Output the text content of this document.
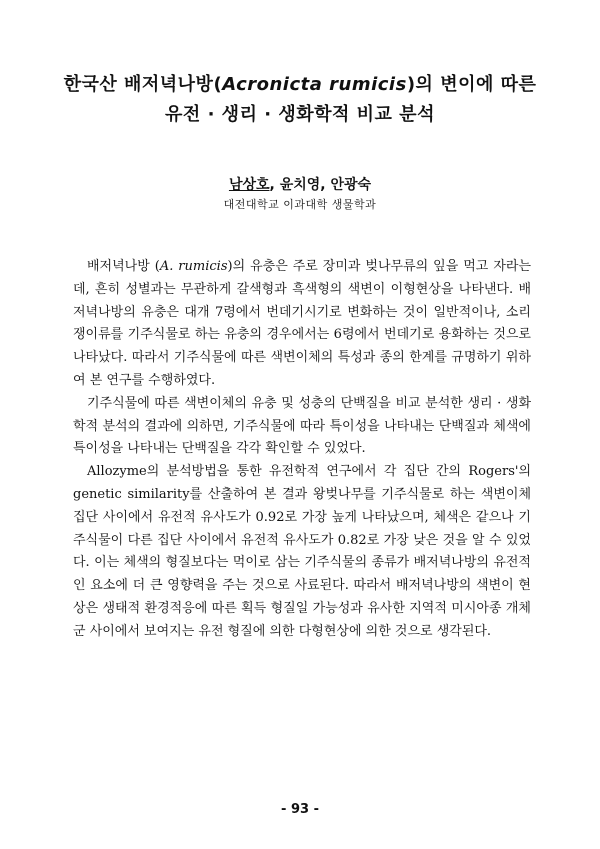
한국산 배저녁나방(Acronicta rumicis)의 변이에 따른
유전 · 생리 · 생화학적 비교 분석
남상호, 윤치영, 안광숙
대전대학교 이과대학 생물학과

배저녁나방 (A. rumicis)의 유충은 주로 장미과 벚나무류의 잎을 먹고 자라는데, 흔히 성별과는 무관하게 갈색형과 흑색형의 색변이 이형현상을 나타낸다. 배저녁나방의 유충은 대개 7령에서 번데기시기로 변화하는 것이 일반적이나, 소리쟁이류를 기주식물로 하는 유충의 경우에서는 6령에서 번데기로 용화하는 것으로 나타났다. 따라서 기주식물에 따른 색변이체의 특성과 종의 한계를 규명하기 위하여 본 연구를 수행하였다.

기주식물에 따른 색변이체의 유충 및 성충의 단백질을 비교 분석한 생리 · 생화학적 분석의 결과에 의하면, 기주식물에 따라 특이성을 나타내는 단백질과 체색에 특이성을 나타내는 단백질을 각각 확인할 수 있었다.

Allozyme의 분석방법을 통한 유전학적 연구에서 각 집단 간의 Rogers'의 genetic similarity를 산출하여 본 결과 왕벚나무를 기주식물로 하는 색변이체 집단 사이에서 유전적 유사도가 0.92로 가장 높게 나타났으며, 체색은 같으나 기주식물이 다른 집단 사이에서 유전적 유사도가 0.82로 가장 낮은 것을 알 수 있었다. 이는 체색의 형질보다는 먹이로 삼는 기주식물의 종류가 배저녁나방의 유전적인 요소에 더 큰 영향력을 주는 것으로 사료된다. 따라서 배저녁나방의 색변이 현상은 생태적 환경적응에 따른 획득 형질일 가능성과 유사한 지역적 미시아종 개체군 사이에서 보여지는 유전 형질에 의한 다형현상에 의한 것으로 생각된다.

- 93 -
